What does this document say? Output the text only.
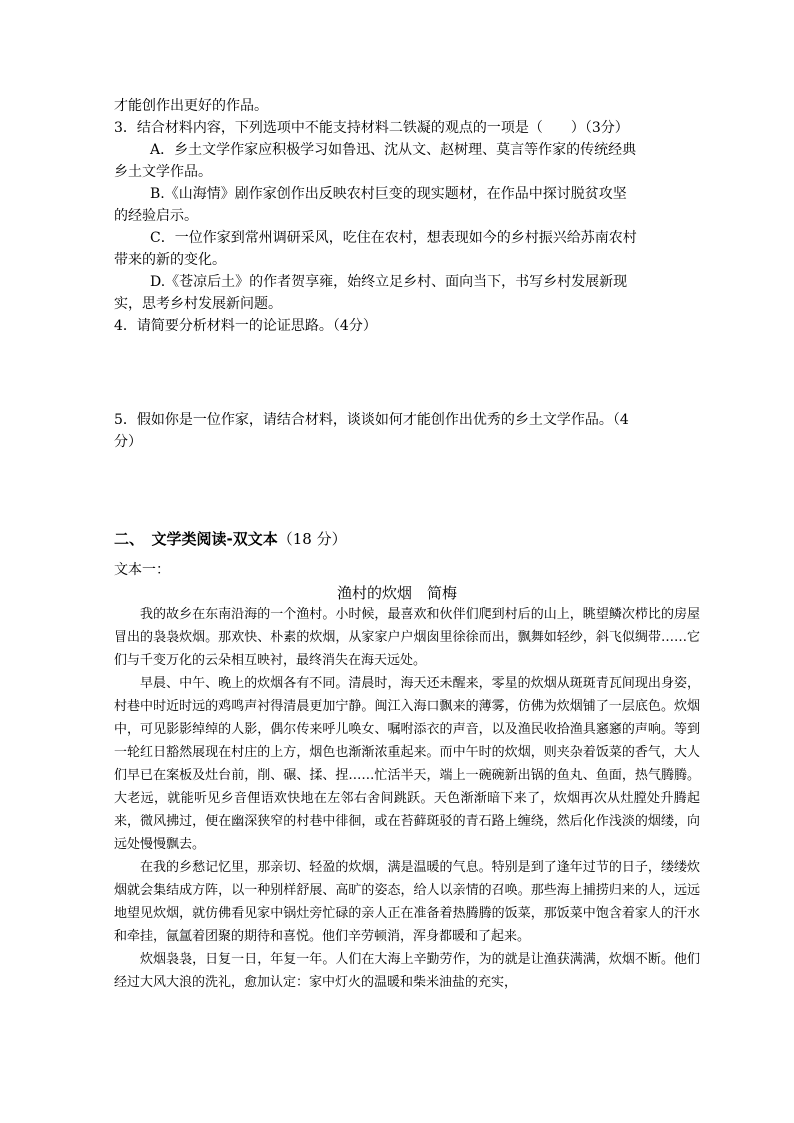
才能创作出更好的作品。
3．结合材料内容，下列选项中不能支持材料二铁凝的观点的一项是（　　）（3分）
A．乡土文学作家应积极学习如鲁迅、沈从文、赵树理、莫言等作家的传统经典
乡土文学作品。
B.《山海情》剧作家创作出反映农村巨变的现实题材，在作品中探讨脱贫攻坚
的经验启示。
C．一位作家到常州调研采风，吃住在农村，想表现如今的乡村振兴给苏南农村
带来的新的变化。
D.《苍凉后土》的作者贺享雍，始终立足乡村、面向当下，书写乡村发展新现
实，思考乡村发展新问题。
4．请简要分析材料一的论证思路。（4分）
5．假如你是一位作家，请结合材料，谈谈如何才能创作出优秀的乡土文学作品。（4
分）
二、　文学类阅读-双文本（18 分）
文本一：
渔村的炊烟　简梅

我的故乡在东南沿海的一个渔村。小时候，最喜欢和伙伴们爬到村后的山上，眺望鳞次栉比的房屋冒出的袅袅炊烟。那欢快、朴素的炊烟，从家家户户烟囱里徐徐而出，飘舞如轻纱，斜飞似绸带……它们与千变万化的云朵相互映衬，最终消失在海天远处。

早晨、中午、晚上的炊烟各有不同。清晨时，海天还未醒来，零星的炊烟从斑斑青瓦间现出身姿，村巷中时近时远的鸡鸣声衬得清晨更加宁静。闽江入海口飘来的薄雾，仿佛为炊烟铺了一层底色。炊烟中，可见影影绰绰的人影，偶尔传来呼儿唤女、嘱咐添衣的声音，以及渔民收拾渔具窸窸的声响。等到一轮红日豁然展现在村庄的上方，烟色也渐渐浓重起来。而中午时的炊烟，则夹杂着饭菜的香气，大人们早已在案板及灶台前，削、碾、揉、捏……忙活半天，端上一碗碗新出锅的鱼丸、鱼面，热气腾腾。大老远，就能听见乡音俚语欢快地在左邻右舍间跳跃。天色渐渐暗下来了，炊烟再次从灶膛处升腾起来，微风拂过，便在幽深狭窄的村巷中徘徊，或在苔藓斑驳的青石路上缠绕，然后化作浅淡的烟缕，向远处慢慢飘去。

在我的乡愁记忆里，那亲切、轻盈的炊烟，满是温暖的气息。特别是到了逢年过节的日子，缕缕炊烟就会集结成方阵，以一种别样舒展、高旷的姿态，给人以亲情的召唤。那些海上捕捞归来的人，远远地望见炊烟，就仿佛看见家中锅灶旁忙碌的亲人正在准备着热腾腾的饭菜，那饭菜中饱含着家人的汗水和牵挂，氤氲着团聚的期待和喜悦。他们辛劳顿消，浑身都暖和了起来。

炊烟袅袅，日复一日，年复一年。人们在大海上辛勤劳作，为的就是让渔获满满，炊烟不断。他们经过大风大浪的洗礼，愈加认定：家中灯火的温暖和柴米油盐的充实，
